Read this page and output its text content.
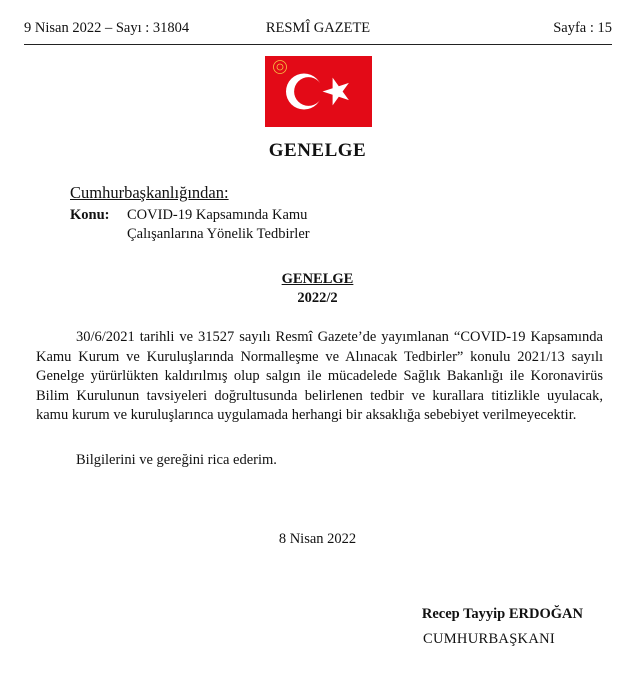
9 Nisan 2022 – Sayı : 31804	RESMÎ GAZETE	Sayfa : 15
GENELGE
Cumhurbaşkanlığından:
Konu: COVID-19 Kapsamında Kamu Çalışanlarına Yönelik Tedbirler
GENELGE
2022/2
30/6/2021 tarihli ve 31527 sayılı Resmî Gazete’de yayımlanan “COVID-19 Kapsamında Kamu Kurum ve Kuruluşlarında Normalleşme ve Alınacak Tedbirler” konulu 2021/13 sayılı Genelge yürürlükten kaldırılmış olup salgın ile mücadelede Sağlık Bakanlığı ile Koronavirüs Bilim Kurulunun tavsiyeleri doğrultusunda belirlenen tedbir ve kurallara titizlikle uyulacak, kamu kurum ve kuruluşlarınca uygulamada herhangi bir aksaklığa sebebiyet verilmeyecektir.
Bilgilerini ve gereğini rica ederim.
8 Nisan 2022
Recep Tayyip ERDOĞAN
CUMHURBAŞKANI
